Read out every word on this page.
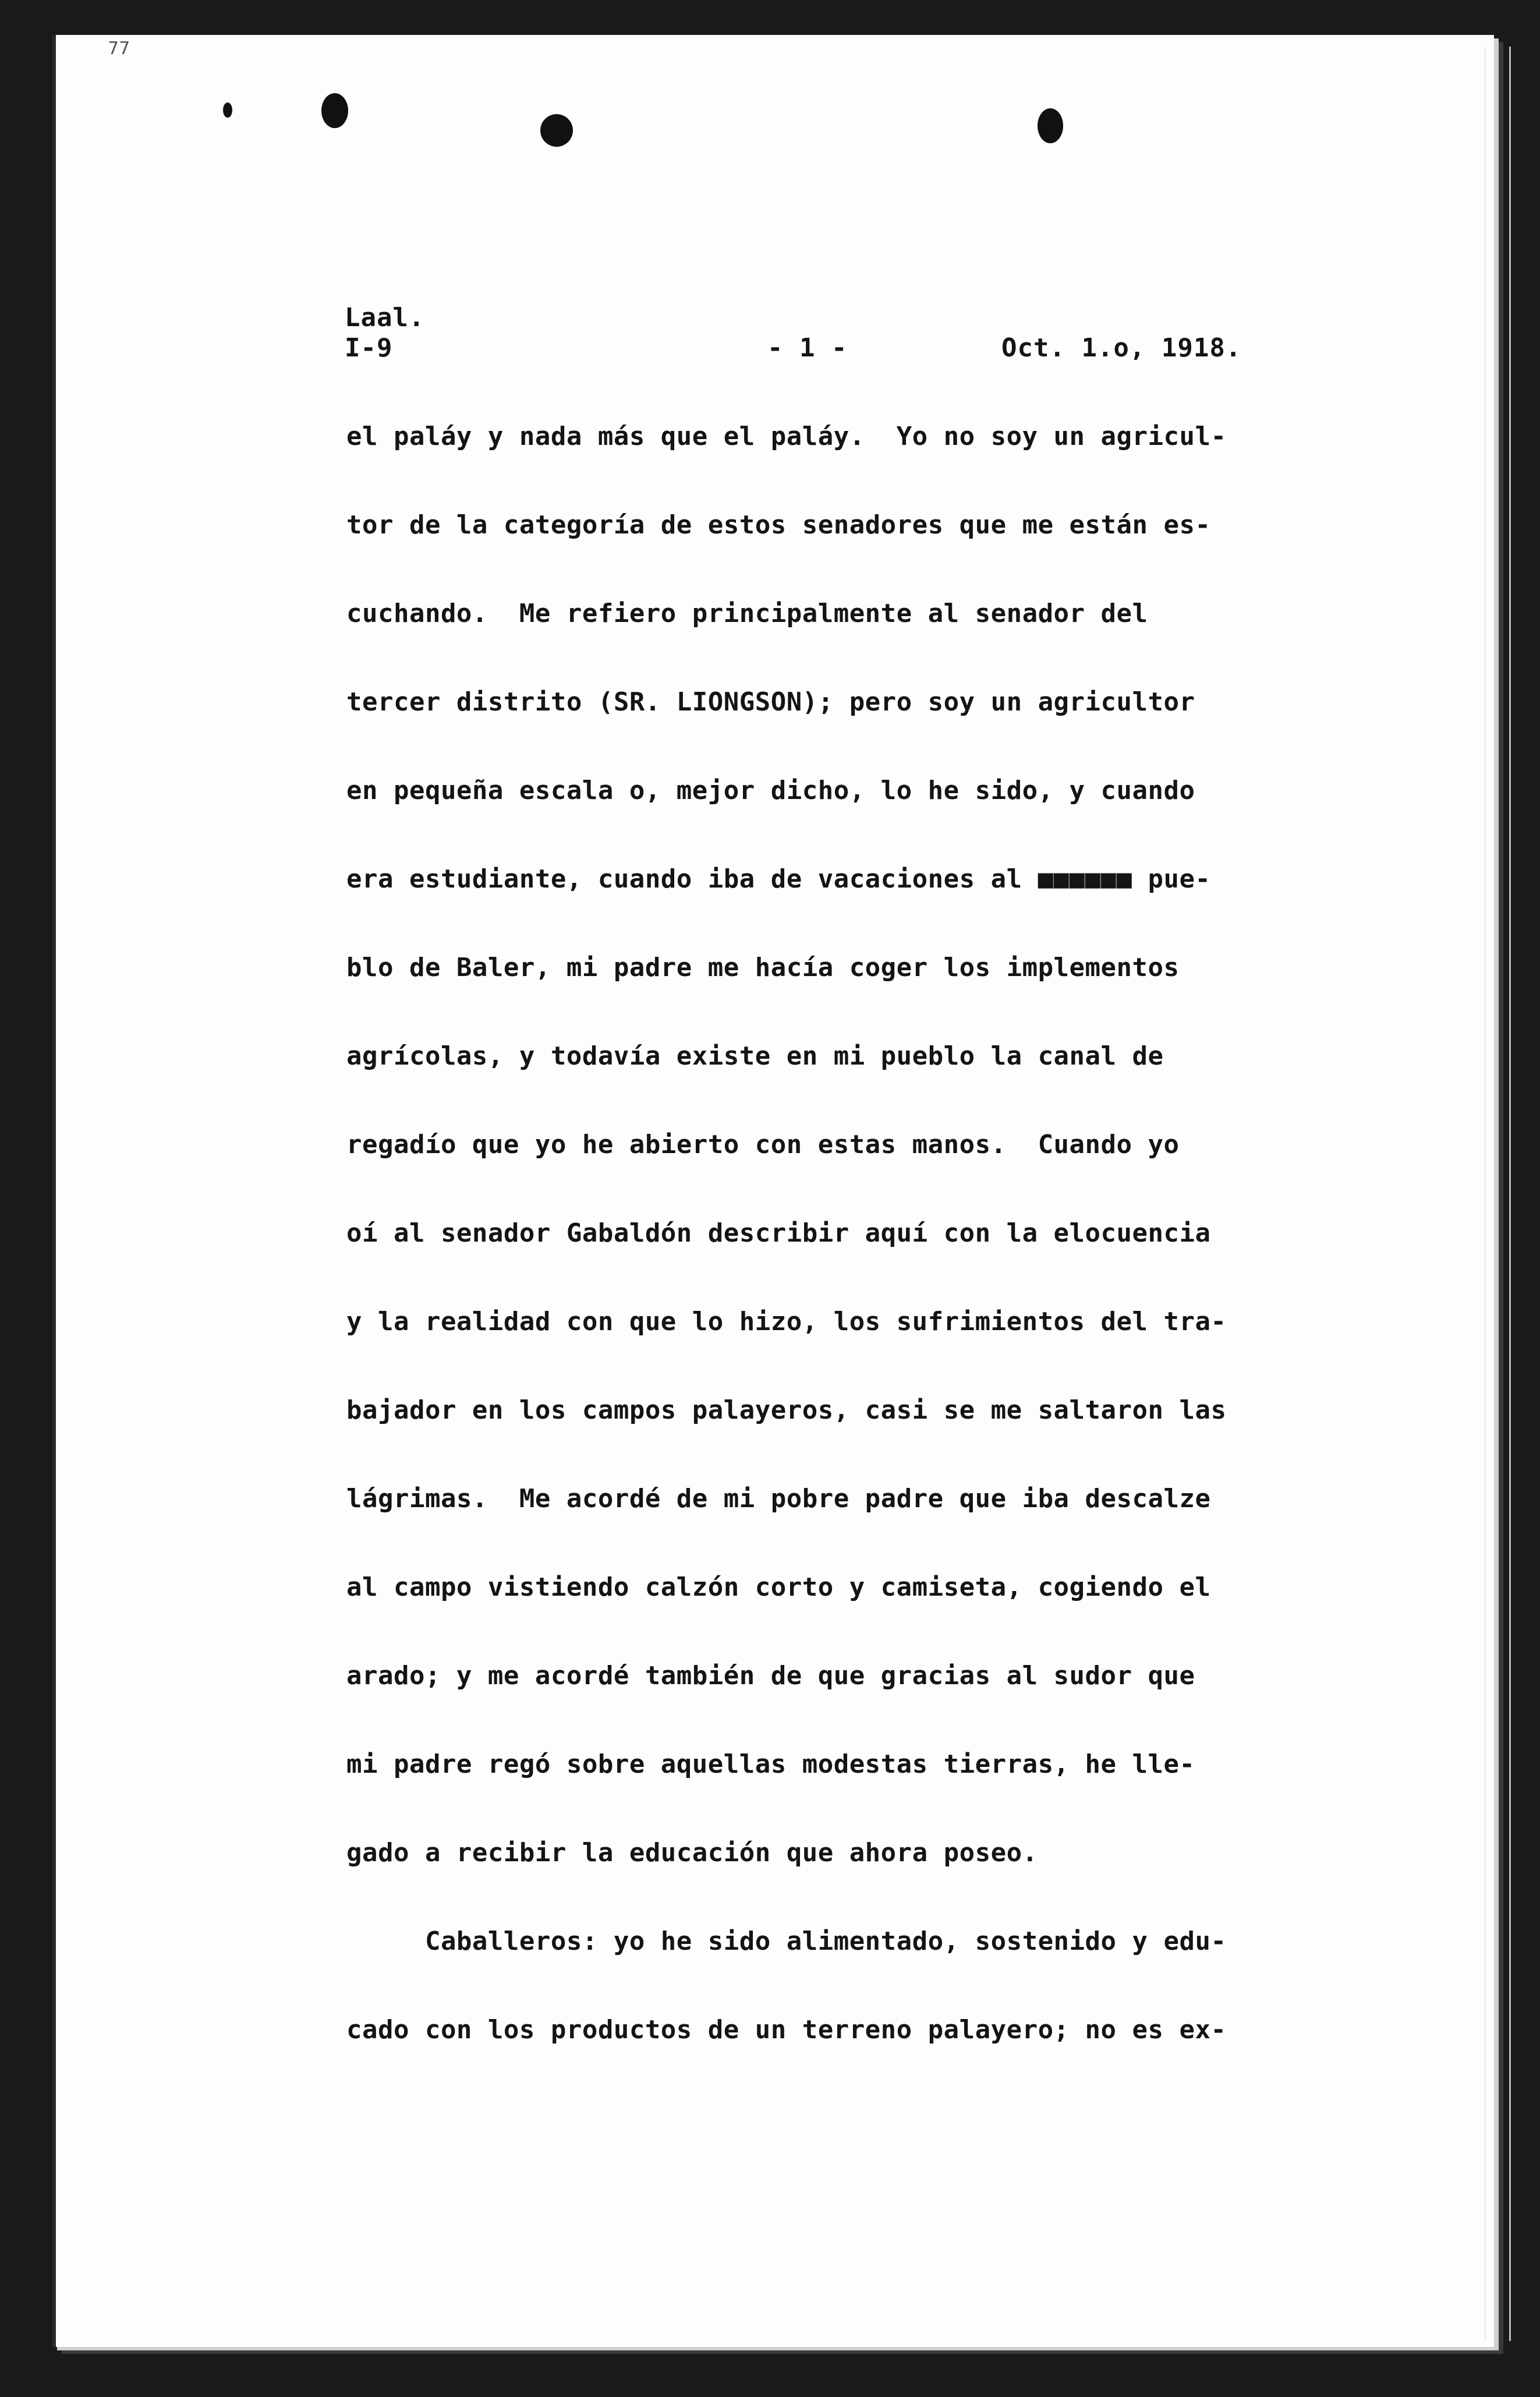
77
Laal.
I-9	- 1 -	Oct. 1.o, 1918.
el paláy y nada más que el paláy.  Yo no soy un agricul-
tor de la categoría de estos senadores que me están es-
cuchando.  Me refiero principalmente al senador del
tercer distrito (SR. LIONGSON); pero soy un agricultor
en pequeña escala o, mejor dicho, lo he sido, y cuando
era estudiante, cuando iba de vacaciones al ■■■■■■ pue-
blo de Baler, mi padre me hacía coger los implementos
agrícolas, y todavía existe en mi pueblo la canal de
regadío que yo he abierto con estas manos.  Cuando yo
oí al senador Gabaldón describir aquí con la elocuencia
y la realidad con que lo hizo, los sufrimientos del tra-
bajador en los campos palayeros, casi se me saltaron las
lágrimas.  Me acordé de mi pobre padre que iba descalze
al campo vistiendo calzón corto y camiseta, cogiendo el
arado; y me acordé también de que gracias al sudor que
mi padre regó sobre aquellas modestas tierras, he lle-
gado a recibir la educación que ahora poseo.
Caballeros: yo he sido alimentado, sostenido y edu-
cado con los productos de un terreno palayero; no es ex-
